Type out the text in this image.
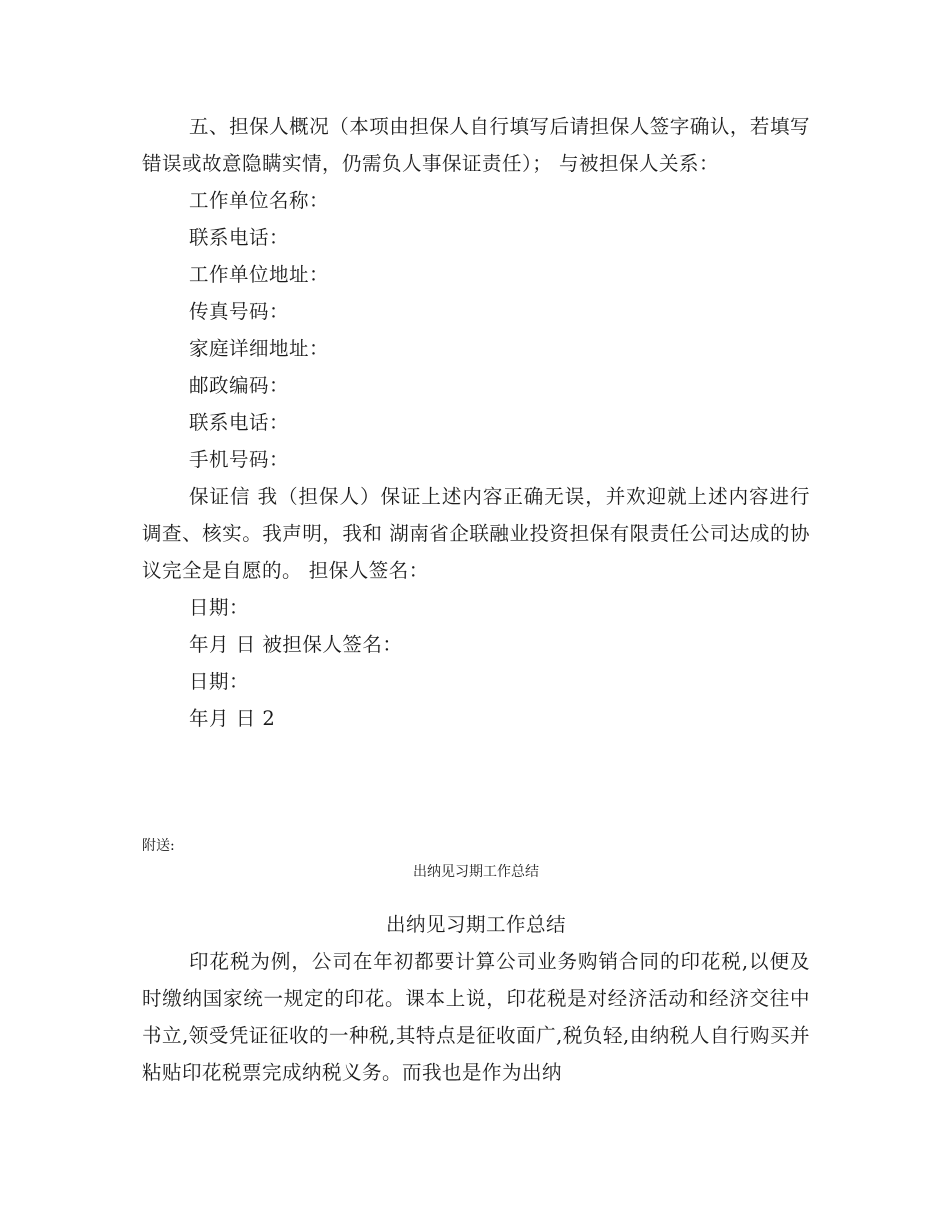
五、担保人概况（本项由担保人自行填写后请担保人签字确认，若填写错误或故意隐瞒实情，仍需负人事保证责任）； 与被担保人关系：

工作单位名称：

联系电话：

工作单位地址：

传真号码：

家庭详细地址：

邮政编码：

联系电话：

手机号码：

保证信 我（担保人）保证上述内容正确无误，并欢迎就上述内容进行调查、核实。我声明，我和 湖南省企联融业投资担保有限责任公司达成的协议完全是自愿的。 担保人签名：

日期：

年月 日 被担保人签名：

日期：

年月 日 2

附送:

出纳见习期工作总结

出纳见习期工作总结

印花税为例，公司在年初都要计算公司业务购销合同的印花税,以便及时缴纳国家统一规定的印花。课本上说，印花税是对经济活动和经济交往中书立,领受凭证征收的一种税,其特点是征收面广,税负轻,由纳税人自行购买并粘贴印花税票完成纳税义务。而我也是作为出纳
